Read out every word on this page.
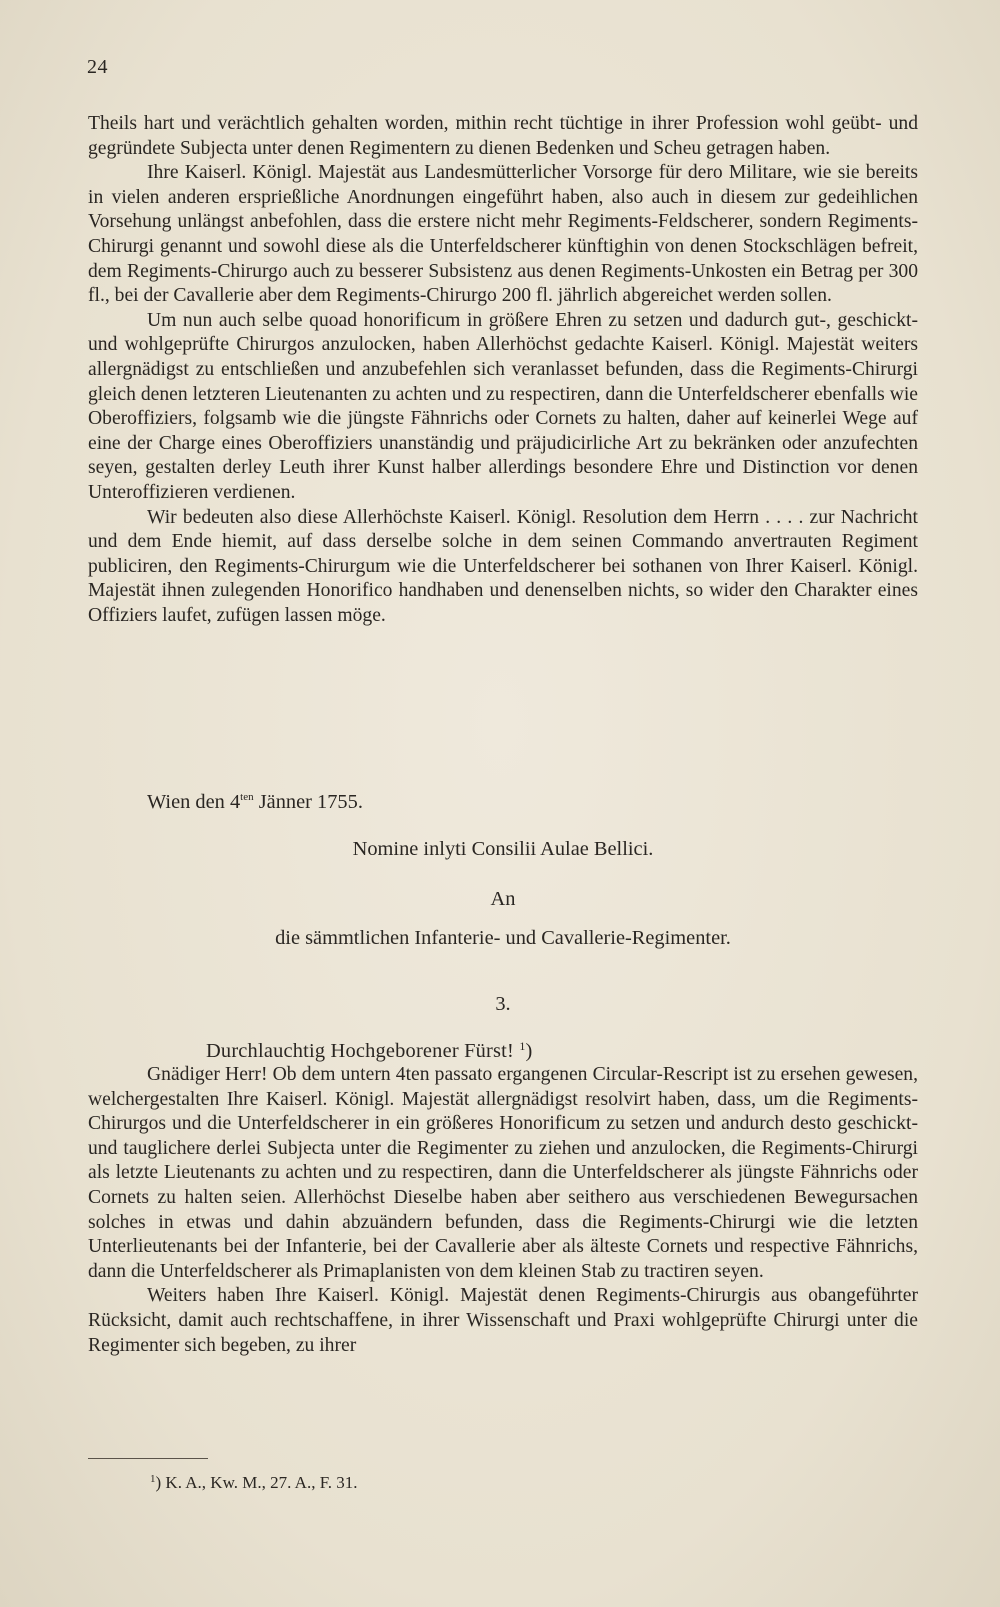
24

Theils hart und verächtlich gehalten worden, mithin recht tüchtige in ihrer Profession wohl geübt- und gegründete Subjecta unter denen Regimentern zu dienen Bedenken und Scheu getragen haben.

Ihre Kaiserl. Königl. Majestät aus Landesmütterlicher Vorsorge für dero Militare, wie sie bereits in vielen anderen ersprießliche Anordnungen eingeführt haben, also auch in diesem zur gedeihlichen Vorsehung unlängst anbefohlen, dass die erstere nicht mehr Regiments-Feldscherer, sondern Regiments-Chirurgi genannt und sowohl diese als die Unterfeldscherer künftighin von denen Stockschlägen befreit, dem Regiments-Chirurgo auch zu besserer Subsistenz aus denen Regiments-Unkosten ein Betrag per 300 fl., bei der Cavallerie aber dem Regiments-Chirurgo 200 fl. jährlich abgereichet werden sollen.

Um nun auch selbe quoad honorificum in größere Ehren zu setzen und dadurch gut-, geschickt- und wohlgeprüfte Chirurgos anzulocken, haben Allerhöchst gedachte Kaiserl. Königl. Majestät weiters allergnädigst zu entschließen und anzubefehlen sich veranlasset befunden, dass die Regiments-Chirurgi gleich denen letzteren Lieutenanten zu achten und zu respectiren, dann die Unterfeldscherer ebenfalls wie Oberoffiziers, folgsamb wie die jüngste Fähnrichs oder Cornets zu halten, daher auf keinerlei Wege auf eine der Charge eines Oberoffiziers unanständig und präjudicirliche Art zu bekränken oder anzufechten seyen, gestalten derley Leuth ihrer Kunst halber allerdings besondere Ehre und Distinction vor denen Unteroffizieren verdienen.

Wir bedeuten also diese Allerhöchste Kaiserl. Königl. Resolution dem Herrn . . . . zur Nachricht und dem Ende hiemit, auf dass derselbe solche in dem seinen Commando anvertrauten Regiment publiciren, den Regiments-Chirurgum wie die Unterfeldscherer bei sothanen von Ihrer Kaiserl. Königl. Majestät ihnen zulegenden Honorifico handhaben und denenselben nichts, so wider den Charakter eines Offiziers laufet, zufügen lassen möge.

Wien den $4^{ten}$ Jänner 1755.
Nomine inlyti Consilii Aulae Bellici.
An
die sämmtlichen Infanterie- und Cavallerie-Regimenter.
3.
Durchlauchtig Hochgeborener Fürst! $^1$)

Gnädiger Herr! Ob dem untern 4ten passato ergangenen Circular-Rescript ist zu ersehen gewesen, welchergestalten Ihre Kaiserl. Königl. Majestät allergnädigst resolvirt haben, dass, um die Regiments-Chirurgos und die Unterfeldscherer in ein größeres Honorificum zu setzen und andurch desto geschickt- und tauglichere derlei Subjecta unter die Regimenter zu ziehen und anzulocken, die Regiments-Chirurgi als letzte Lieutenants zu achten und zu respectiren, dann die Unterfeldscherer als jüngste Fähnrichs oder Cornets zu halten seien. Allerhöchst Dieselbe haben aber seithero aus verschiedenen Bewegursachen solches in etwas und dahin abzuändern befunden, dass die Regiments-Chirurgi wie die letzten Unterlieutenants bei der Infanterie, bei der Cavallerie aber als älteste Cornets und respective Fähnrichs, dann die Unterfeldscherer als Primaplanisten von dem kleinen Stab zu tractiren seyen.

Weiters haben Ihre Kaiserl. Königl. Majestät denen Regiments-Chirurgis aus obangeführter Rücksicht, damit auch rechtschaffene, in ihrer Wissenschaft und Praxi wohlgeprüfte Chirurgi unter die Regimenter sich begeben, zu ihrer

$^1$) K. A., Kw. M., 27. A., F. 31.
